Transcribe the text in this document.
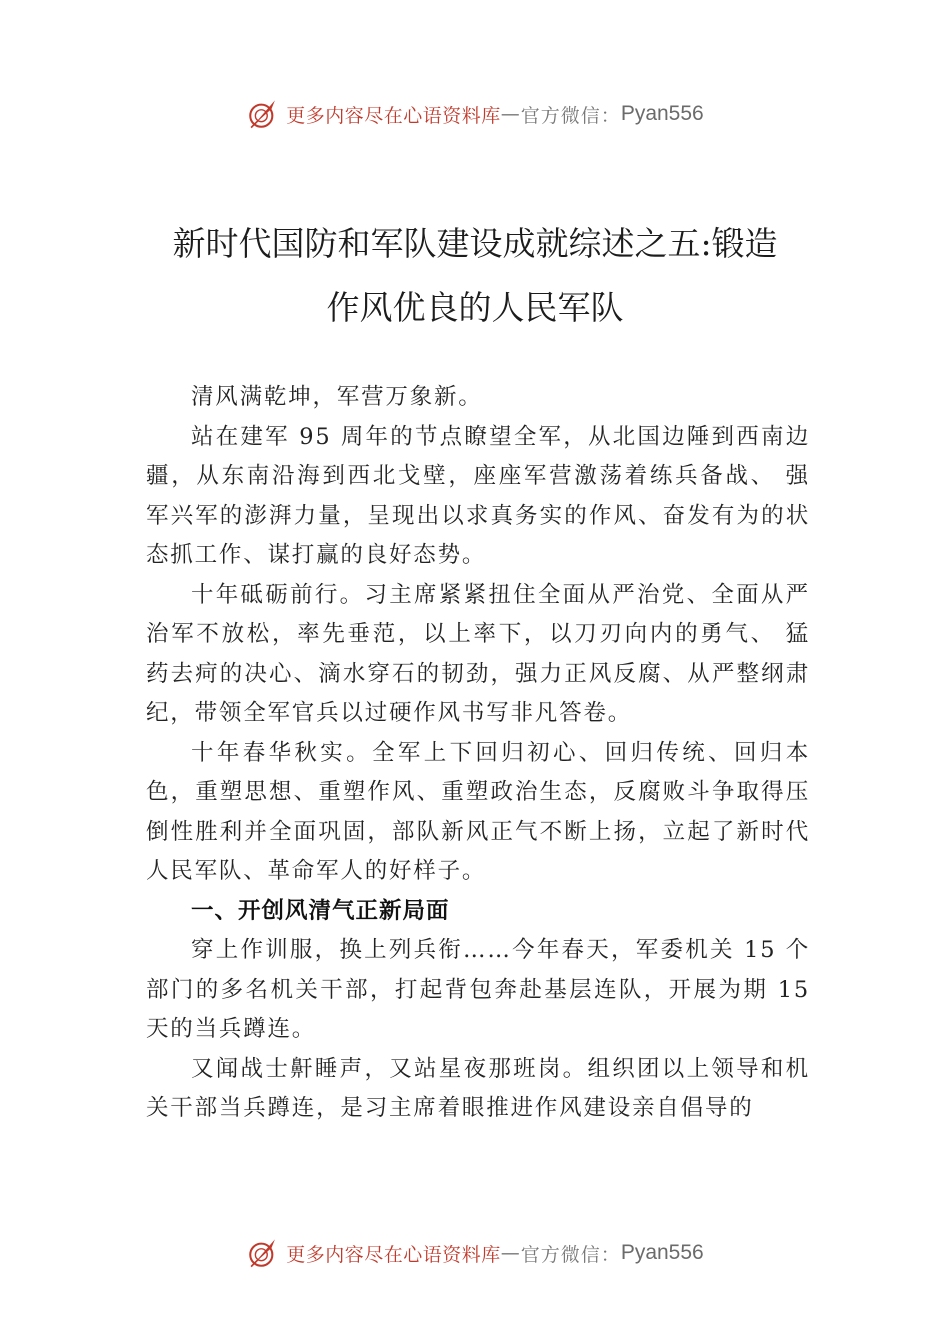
更多内容尽在心语资料库 — 官方微信： Pyan556
新时代国防和军队建设成就综述之五:锻造
作风优良的人民军队

清风满乾坤，军营万象新。

站在建军 95 周年的节点瞭望全军，从北国边陲到西南边疆，从东南沿海到西北戈壁，座座军营激荡着练兵备战、 强军兴军的澎湃力量，呈现出以求真务实的作风、奋发有为的状态抓工作、谋打赢的良好态势。

十年砥砺前行。习主席紧紧扭住全面从严治党、全面从严治军不放松，率先垂范，以上率下，以刀刃向内的勇气、 猛药去疴的决心、滴水穿石的韧劲，强力正风反腐、从严整纲肃纪，带领全军官兵以过硬作风书写非凡答卷。

十年春华秋实。全军上下回归初心、回归传统、回归本色，重塑思想、重塑作风、重塑政治生态，反腐败斗争取得压倒性胜利并全面巩固，部队新风正气不断上扬，立起了新时代人民军队、革命军人的好样子。

一、开创风清气正新局面

穿上作训服，换上列兵衔……今年春天，军委机关 15 个部门的多名机关干部，打起背包奔赴基层连队，开展为期 15 天的当兵蹲连。

又闻战士鼾睡声，又站星夜那班岗。组织团以上领导和机关干部当兵蹲连，是习主席着眼推进作风建设亲自倡导的

更多内容尽在心语资料库 — 官方微信： Pyan556
